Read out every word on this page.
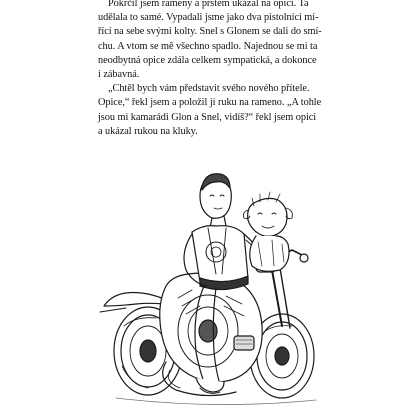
Pokrčil jsem rameny a prstem ukázal na opici. Ta
udělala to samé. Vypadali jsme jako dva pistolníci mí-
řící na sebe svými kolty. Snel s Glonem se dali do smí-
chu. A vtom se mě všechno spadlo. Najednou se mi ta
neodbytná opice zdála celkem sympatická, a dokonce
i zábavná.
„Chtěl bych vám představit svého nového přítele.
Opice,“ řekl jsem a položil jí ruku na rameno. „A tohle
jsou mi kamarádi Glon a Snel, vidíš?“ řekl jsem opici
a ukázal rukou na kluky.
